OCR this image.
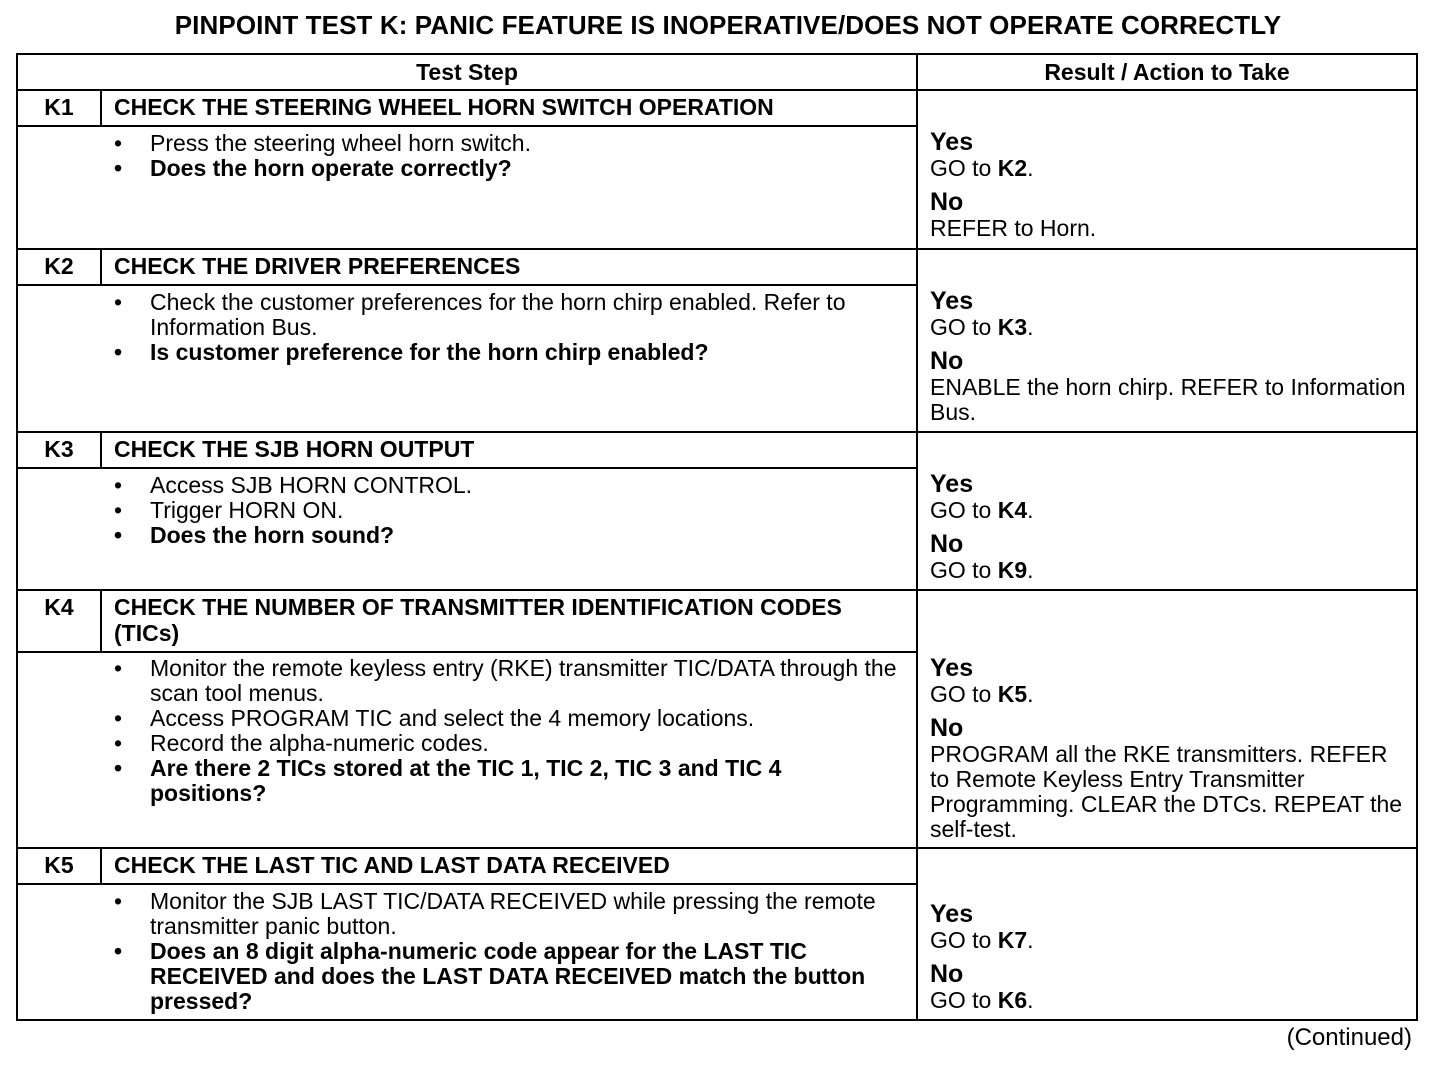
PINPOINT TEST K: PANIC FEATURE IS INOPERATIVE/DOES NOT OPERATE CORRECTLY
Test Step	Result / Action to Take
K1	CHECK THE STEERING WHEEL HORN SWITCH OPERATION
•	Press the steering wheel horn switch.
•	Does the horn operate correctly?
Yes
GO to K2.
No
REFER to Horn.
K2	CHECK THE DRIVER PREFERENCES
•	Check the customer preferences for the horn chirp enabled. Refer to Information Bus.
•	Is customer preference for the horn chirp enabled?
Yes
GO to K3.
No
ENABLE the horn chirp. REFER to Information Bus.
K3	CHECK THE SJB HORN OUTPUT
•	Access SJB HORN CONTROL.
•	Trigger HORN ON.
•	Does the horn sound?
Yes
GO to K4.
No
GO to K9.
K4	CHECK THE NUMBER OF TRANSMITTER IDENTIFICATION CODES (TICs)
•	Monitor the remote keyless entry (RKE) transmitter TIC/DATA through the scan tool menus.
•	Access PROGRAM TIC and select the 4 memory locations.
•	Record the alpha-numeric codes.
•	Are there 2 TICs stored at the TIC 1, TIC 2, TIC 3 and TIC 4 positions?
Yes
GO to K5.
No
PROGRAM all the RKE transmitters. REFER to Remote Keyless Entry Transmitter Programming. CLEAR the DTCs. REPEAT the self-test.
K5	CHECK THE LAST TIC AND LAST DATA RECEIVED
•	Monitor the SJB LAST TIC/DATA RECEIVED while pressing the remote transmitter panic button.
•	Does an 8 digit alpha-numeric code appear for the LAST TIC RECEIVED and does the LAST DATA RECEIVED match the button pressed?
Yes
GO to K7.
No
GO to K6.
(Continued)
